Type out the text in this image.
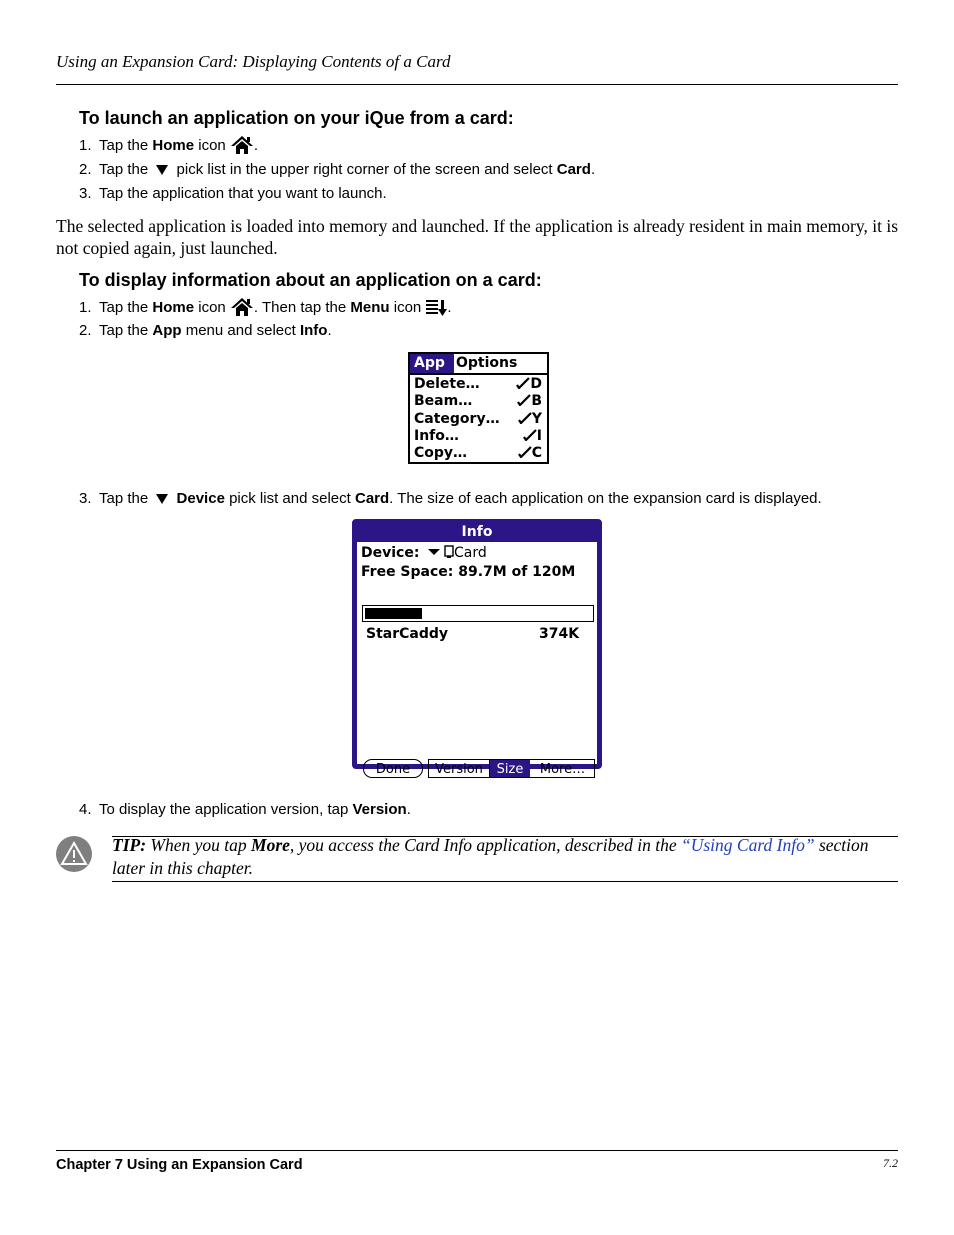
Using an Expansion Card: Displaying Contents of a Card
To launch an application on your iQue from a card:
1. Tap the Home icon .
2. Tap the  pick list in the upper right corner of the screen and select Card.
3. Tap the application that you want to launch.
The selected application is loaded into memory and launched. If the application is already resident in main memory, it is not copied again, just launched.
To display information about an application on a card:
1. Tap the Home icon . Then tap the Menu icon .
2. Tap the App menu and select Info.
App Options
Delete…	D
Beam…	B
Category…	Y
Info…	I
Copy…	C
3. Tap the  Device pick list and select Card. The size of each application on the expansion card is displayed.
Info
Device:	Card
Free Space: 89.7M of 120M
StarCaddy	374K
Done	Version	Size	More…
4. To display the application version, tap Version.
TIP: When you tap More, you access the Card Info application, described in the “Using Card Info” section later in this chapter.
Chapter 7 Using an Expansion Card	7.2
